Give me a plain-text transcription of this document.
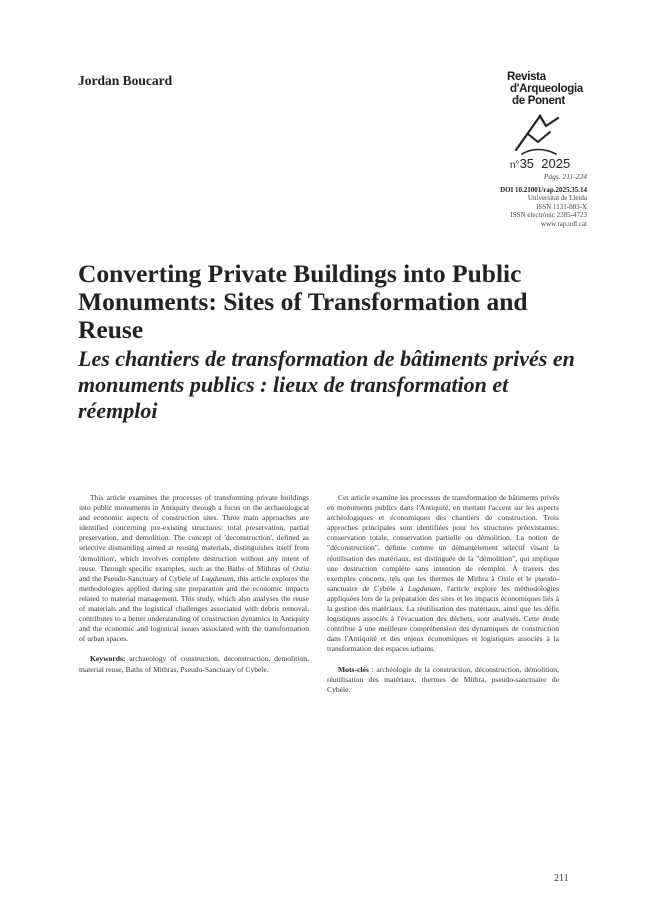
Jordan Boucard	Revista
d'Arqueologia
de Ponent
n°35 2025
Págs. 211-224
DOI 10.21001/rap.2025.35.14
Universitat de Lleida
ISSN 1131-883-X
ISSN electrònic 2385-4723
www.rap.udl.cat
Converting Private Buildings into Public Monuments: Sites of Transformation and Reuse
Les chantiers de transformation de bâtiments privés en monuments publics : lieux de transformation et réemploi

This article examines the processes of transforming private buildings into public monuments in Antiquity through a focus on the archaeological and economic aspects of construction sites. Three main approaches are identified concerning pre-existing structures: total preservation, partial preservation, and demolition. The concept of 'deconstruction', defined as selective dismantling aimed at reusing materials, distinguishes itself from 'demolition', which involves complete destruction without any intent of reuse. Through specific examples, such as the Baths of Mithras of Ostia and the Pseudo-Sanctuary of Cybele of Lugdunum, this article explores the methodologies applied during site preparation and the economic impacts related to material management. This study, which also analyses the reuse of materials and the logistical challenges associated with debris removal, contributes to a better understanding of construction dynamics in Antiquity and the economic and logistical issues associated with the transformation of urban spaces.

Keywords: archaeology of construction, deconstruction, demolition, material reuse, Baths of Mithras, Pseudo-Sanctuary of Cybele.

Cet article examine les processus de transformation de bâtiments privés en monuments publics dans l'Antiquité, en mettant l'accent sur les aspects archéologiques et économiques des chantiers de construction. Trois approches principales sont identifiées pour les structures préexistantes: conservation totale, conservation partielle ou démolition. La notion de "déconstruction", définie comme un démantèlement sélectif visant la réutilisation des matériaux, est distinguée de la "démolition", qui implique une destruction complète sans intention de réemploi. À travers des exemples concrets, tels que les thermes de Mithra à Ostie et le pseudo-sanctuaire de Cybèle à Lugdunum, l'article explore les méthodologies appliquées lors de la préparation des sites et les impacts économiques liés à la gestion des matériaux. La réutilisation des matériaux, ainsi que les défis logistiques associés à l'évacuation des déchets, sont analysés. Cette étude contribue à une meilleure compréhension des dynamiques de construction dans l'Antiquité et des enjeux économiques et logistiques associés à la transformation des espaces urbains.

Mots-clés : archéologie de la construction, déconstruction, démolition, réutilisation des matériaux, thermes de Mithra, pseudo-sanctuaire de Cybèle.

211
